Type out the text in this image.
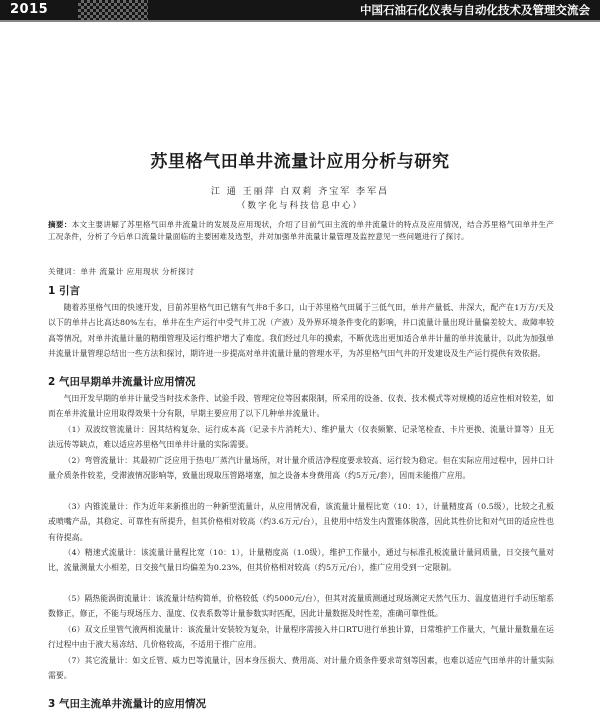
2015	中国石油石化仪表与自动化技术及管理交流会
苏里格气田单井流量计应用分析与研究
江 通 王丽萍 白双莉 齐宝军 李军昌
（数字化与科技信息中心）
摘要：本文主要讲解了苏里格气田单井流量计的发展及应用现状，介绍了目前气田主流的单井流量计的特点及应用情况，结合苏里格气田单井生产工况条件，分析了今后单口流量计量面临的主要困难及选型，并对加强单井流量计量管理及监控意见一些问题进行了探讨。
关键词：单井 流量计 应用现状 分析探讨
1 引言
随着苏里格气田的快速开发，目前苏里格气田已辖有气井8千多口，山于苏里格气田属于三低气田，单井产量低、井深大，配产在1万方/天及以下的单井占比高达80%左右，单井在生产运行中受气井工况（产液）及外界环境条件变化的影响，井口流量计量出现计量偏差较大、故障率较高等情况，对单井流量计量的精细管理及运行维护增大了难度。我们经过几年的摸索，不断优选出更加适合单井计量的单井流量计，以此为加强单井流量计量管理总结出一些方法和探讨，期许进一步提高对单井流量计量的管理水平，为苏里格气田气井的开发建设及生产运行提供有效依据。
2 气田早期单井流量计应用情况
气田开发早期的单井计量受当时技术条件、试验手段、管理定位等因素限制，所采用的设备、仪表、技术模式等对规模的适应性相对较差，如而在单井流量计应用取得效果十分有限，早期主要应用了以下几种单井流量计。
（1）双波纹管流量计：因其结构复杂、运行成本高（记录卡片消耗大）、维护量大（仪表频繁、记录笔检查、卡片更换、流量计算等）且无法远传等缺点，难以适应苏里格气田单井计量的实际需要。
（2）弯管流量计：其最初广泛应用于热电厂蒸汽计量场所，对计量介质洁净程度要求较高、运行较为稳定。但在实际应用过程中，因井口计量介质条件较差，受滞液情况影响等，致量出现取压管路堵塞，加之设备本身费用高（约5万元/套），因而未能推广应用。
（3）内锥流量计：作为近年来新推出的一种新型流量计，从应用情况看，该流量计量程比宽（10：1），计量精度高（0.5级），比较之孔板或喷嘴产品，其稳定、可靠性有所提升，但其价格相对较高（约3.6万元/台），且使用中结发生内置锥体脱落，因此其性价比和对气田的适应性也有待提高。
（4）精速式流量计：该流量计量程比宽（10：1），计量精度高（1.0级），维护工作量小，通过与标准孔板流量计量同质量，日交接气量对比，流量测量大小相差，日交接气量日均偏差为0.23%，但其价格相对较高（约5万元/台），推广应用受到一定限制。
（5）隔热能涡街流量计：该流量计结构简单，价格较低（约5000元/台），但其对流量质测通过现场测定天然气压力、温度值进行手动压缩系数修正，修正，不能与现场压力、温度、仪表系数等计量参数实时匹配，因此计量数据及时性差，准确可靠性低。
（6）双文丘里管气液两相流量计：该流量计安装较为复杂，计量程序需接入井口RTU进行单独计算，日常维护工作量大，气量计量数量在运行过程中由于液大易冻结、几价格较高，不适用于推广应用。
（7）其它流量计：如文丘管、威力巴等流量计，因本身压损大、费用高、对计量介质条件要求苛刻等因素，也难以适应气田单井的计量实际需要。
3 气田主流单井流量计的应用情况
